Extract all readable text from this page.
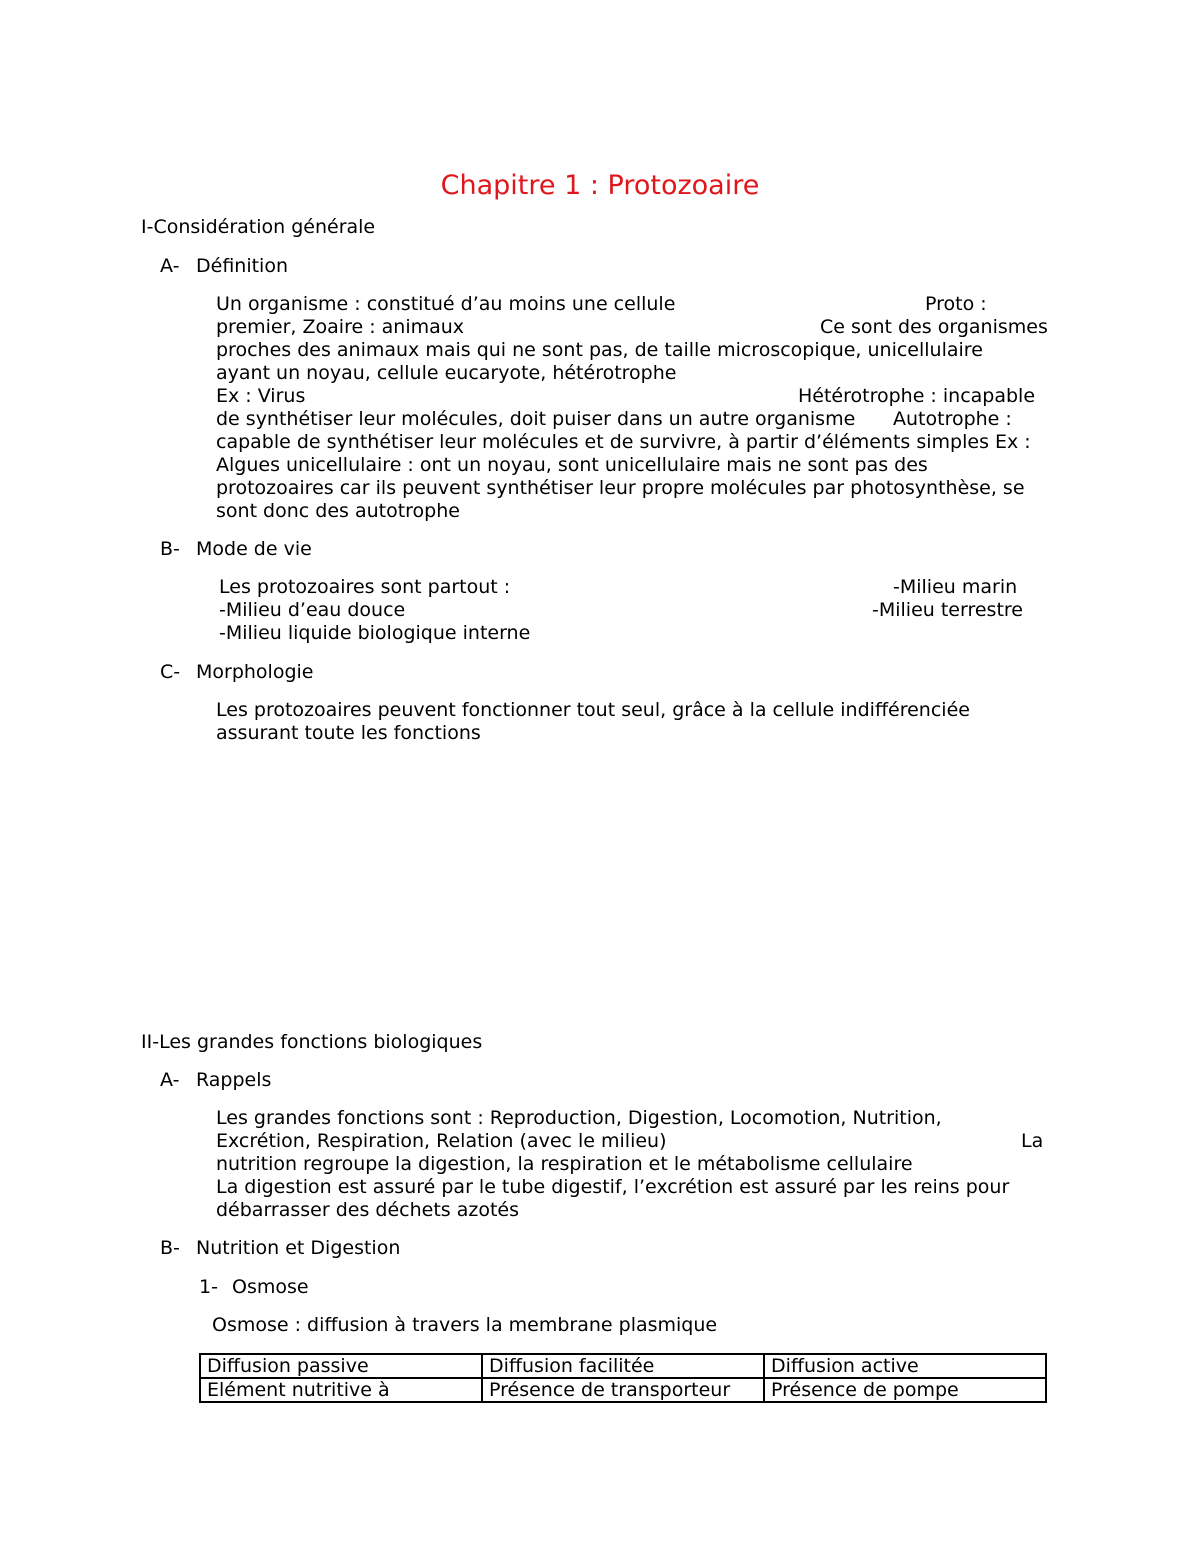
Chapitre 1 : Protozoaire
I-Considération générale
A- Définition
Un organisme : constitué d’au moins une cellule	Proto :
premier, Zoaire : animaux	Ce sont des organismes
proches des animaux mais qui ne sont pas, de taille microscopique, unicellulaire
ayant un noyau, cellule eucaryote, hétérotrophe
Ex : Virus	Hétérotrophe : incapable
de synthétiser leur molécules, doit puiser dans un autre organisme Autotrophe :
capable de synthétiser leur molécules et de survivre, à partir d’éléments simples Ex :
Algues unicellulaire : ont un noyau, sont unicellulaire mais ne sont pas des
protozoaires car ils peuvent synthétiser leur propre molécules par photosynthèse, se
sont donc des autotrophe
B- Mode de vie
Les protozoaires sont partout :	-Milieu marin
-Milieu d’eau douce	-Milieu terrestre
-Milieu liquide biologique interne
C- Morphologie
Les protozoaires peuvent fonctionner tout seul, grâce à la cellule indifférenciée
assurant toute les fonctions
II-Les grandes fonctions biologiques
A- Rappels
Les grandes fonctions sont : Reproduction, Digestion, Locomotion, Nutrition,
Excrétion, Respiration, Relation (avec le milieu)	La
nutrition regroupe la digestion, la respiration et le métabolisme cellulaire
La digestion est assuré par le tube digestif, l’excrétion est assuré par les reins pour
débarrasser des déchets azotés
B- Nutrition et Digestion
1- Osmose
Osmose : diffusion à travers la membrane plasmique
Diffusion passive	Diffusion facilitée	Diffusion active
Elément nutritive à	Présence de transporteur	Présence de pompe
